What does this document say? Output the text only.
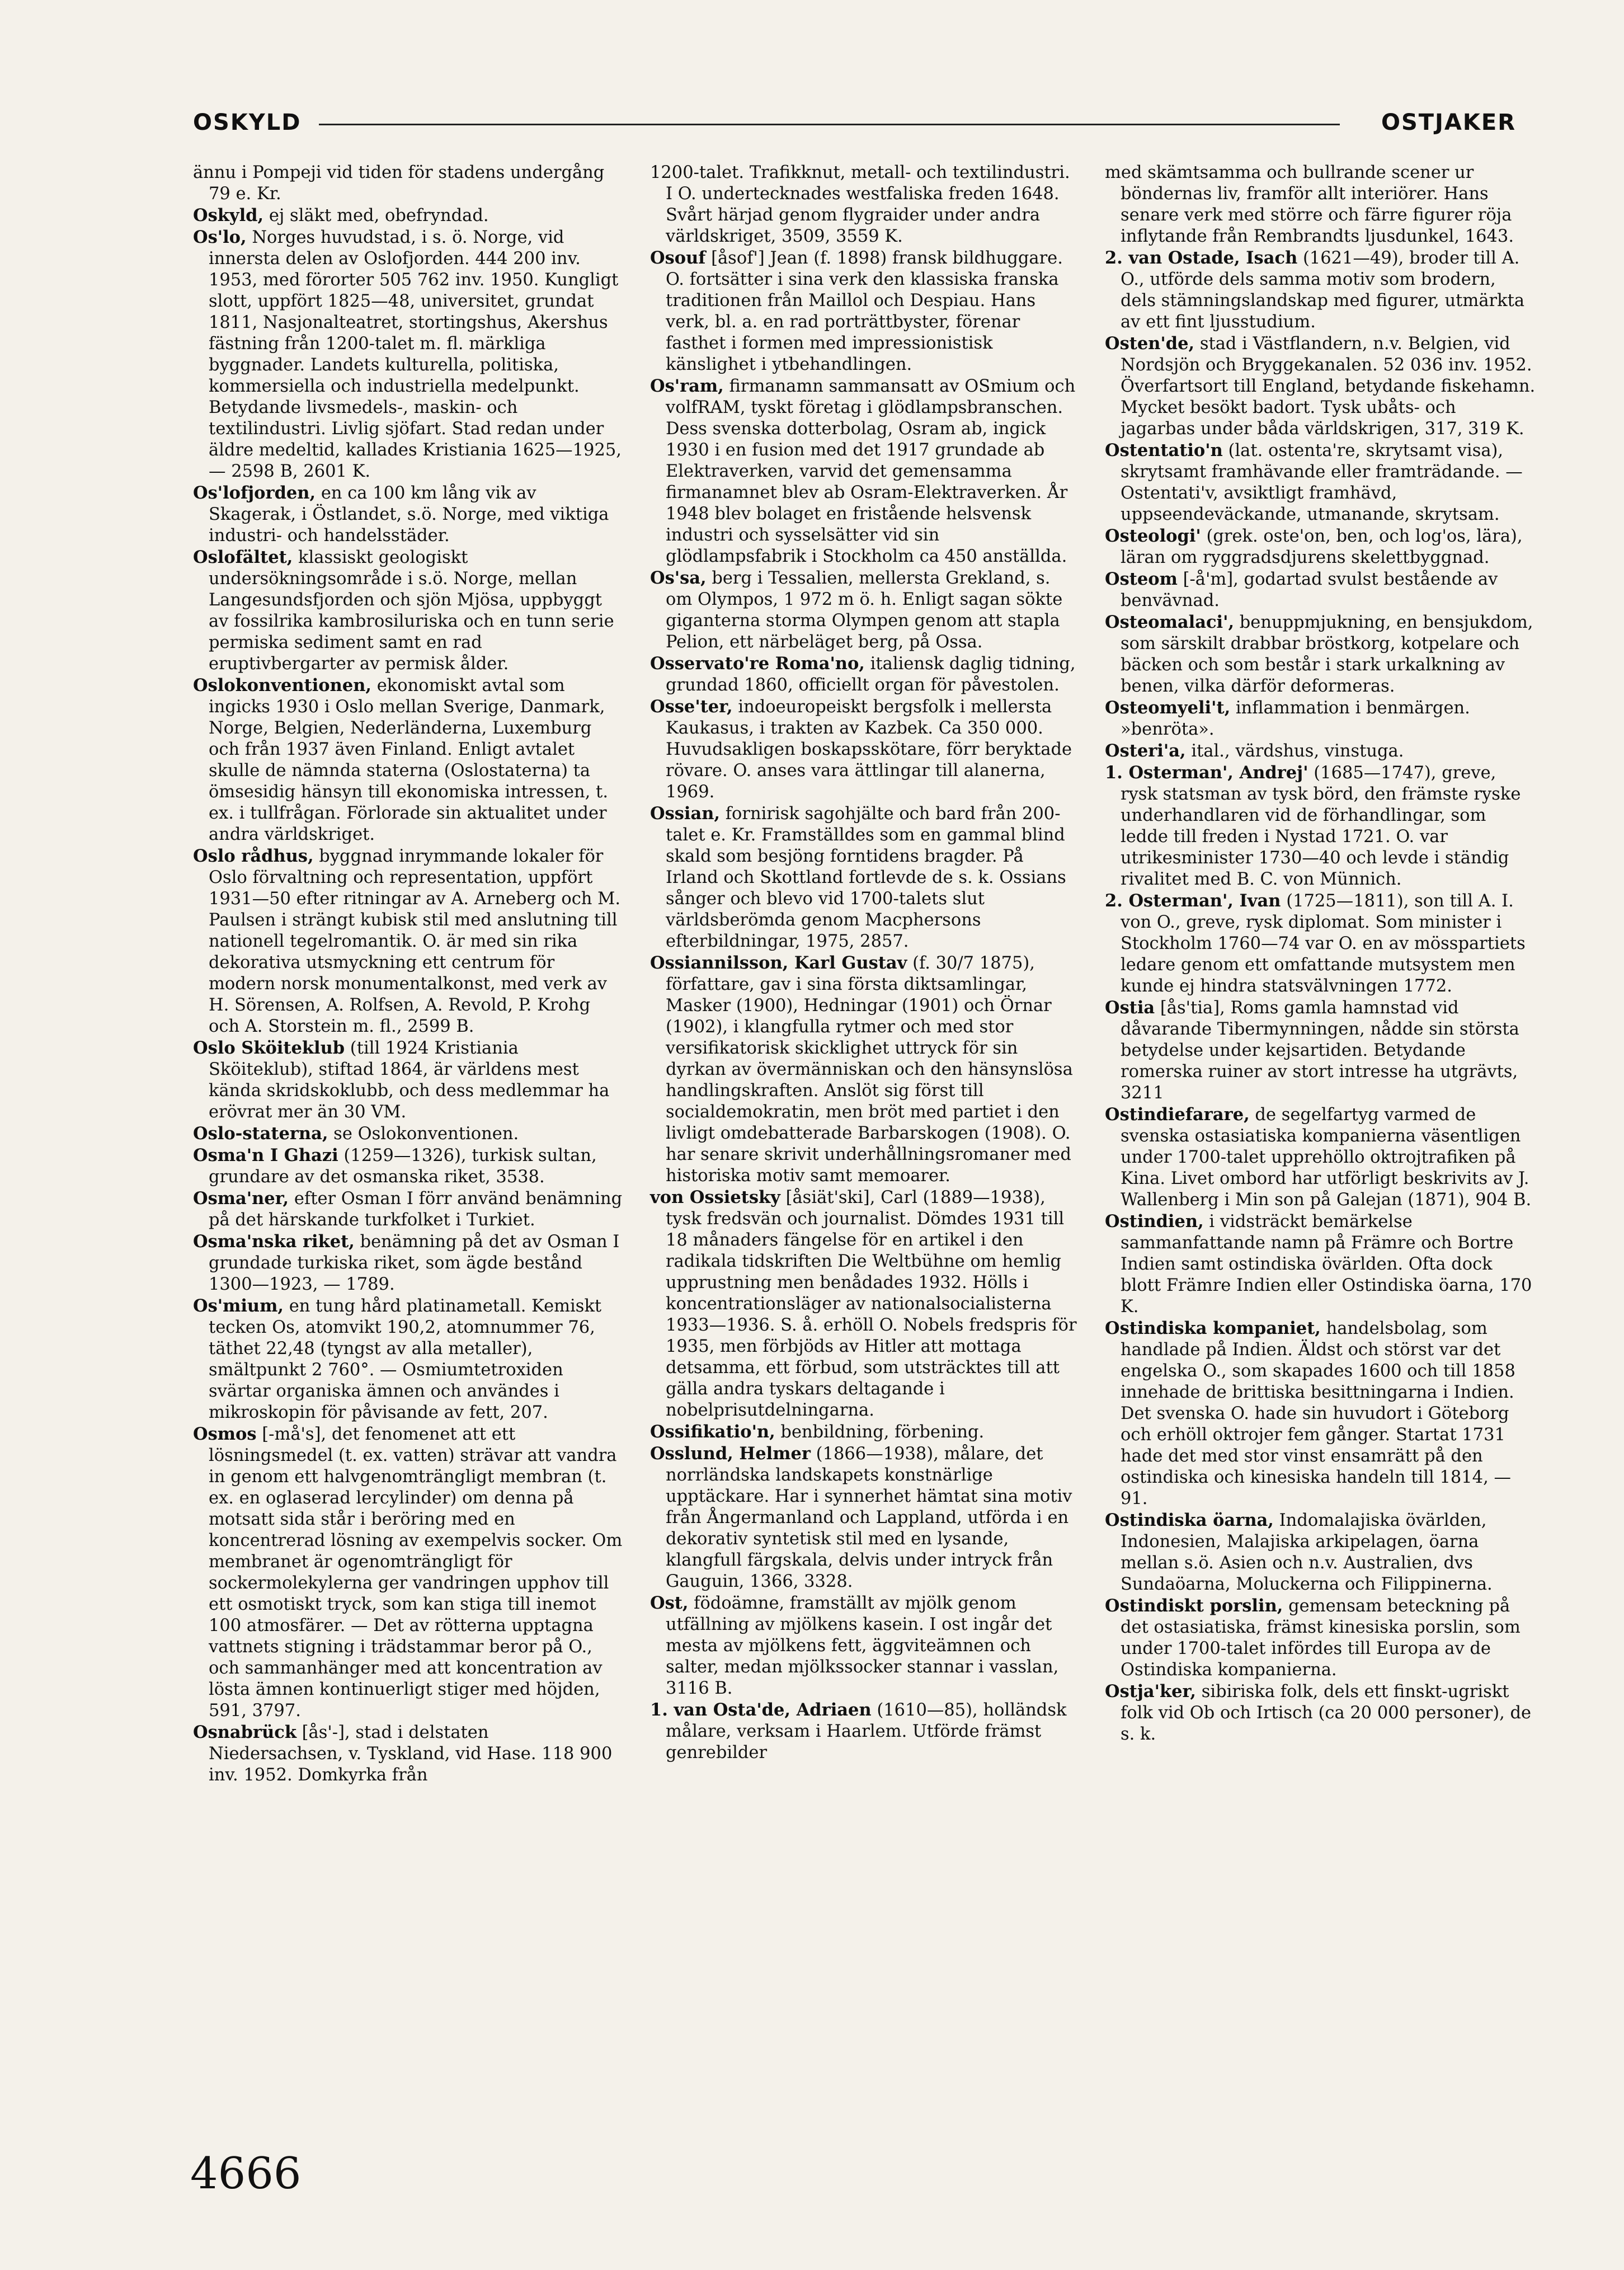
OSKYLD	OSTJAKER

ännu i Pompeji vid tiden för stadens undergång 79 e. Kr.

Oskyld, ej släkt med, obefryndad.

Os'lo, Norges huvudstad, i s. ö. Norge, vid innersta delen av Oslofjorden. 444 200 inv. 1953, med förorter 505 762 inv. 1950. Kungligt slott, uppfört 1825—48, universitet, grundat 1811, Nasjonalteatret, stortingshus, Akershus fästning från 1200-talet m. fl. märkliga byggnader. Landets kulturella, politiska, kommersiella och industriella medelpunkt. Betydande livsmedels-, maskin- och textilindustri. Livlig sjöfart. Stad redan under äldre medeltid, kallades Kristiania 1625—1925, — 2598 B, 2601 K.

Os'lofjorden, en ca 100 km lång vik av Skagerak, i Östlandet, s.ö. Norge, med viktiga industri- och handelsstäder.

Oslofältet, klassiskt geologiskt undersökningsområde i s.ö. Norge, mellan Langesundsfjorden och sjön Mjösa, uppbyggt av fossilrika kambrosiluriska och en tunn serie permiska sediment samt en rad eruptivbergarter av permisk ålder.

Oslokonventionen, ekonomiskt avtal som ingicks 1930 i Oslo mellan Sverige, Danmark, Norge, Belgien, Nederländerna, Luxemburg och från 1937 även Finland. Enligt avtalet skulle de nämnda staterna (Oslostaterna) ta ömsesidig hänsyn till ekonomiska intressen, t. ex. i tullfrågan. Förlorade sin aktualitet under andra världskriget.

Oslo rådhus, byggnad inrymmande lokaler för Oslo förvaltning och representation, uppfört 1931—50 efter ritningar av A. Arneberg och M. Paulsen i strängt kubisk stil med anslutning till nationell tegelromantik. O. är med sin rika dekorativa utsmyckning ett centrum för modern norsk monumentalkonst, med verk av H. Sörensen, A. Rolfsen, A. Revold, P. Krohg och A. Storstein m. fl., 2599 B.

Oslo Sköiteklub (till 1924 Kristiania Sköiteklub), stiftad 1864, är världens mest kända skridskoklubb, och dess medlemmar ha erövrat mer än 30 VM.

Oslo-staterna, se Oslokonventionen.

Osma'n I Ghazi (1259—1326), turkisk sultan, grundare av det osmanska riket, 3538.

Osma'ner, efter Osman I förr använd benämning på det härskande turkfolket i Turkiet.

Osma'nska riket, benämning på det av Osman I grundade turkiska riket, som ägde bestånd 1300—1923, — 1789.

Os'mium, en tung hård platinametall. Kemiskt tecken Os, atomvikt 190,2, atomnummer 76, täthet 22,48 (tyngst av alla metaller), smältpunkt 2 760°. — Osmiumtetroxiden svärtar organiska ämnen och användes i mikroskopin för påvisande av fett, 207.

Osmos [-må's], det fenomenet att ett lösningsmedel (t. ex. vatten) strävar att vandra in genom ett halvgenomträngligt membran (t. ex. en oglaserad lercylinder) om denna på motsatt sida står i beröring med en koncentrerad lösning av exempelvis socker. Om membranet är ogenomträngligt för sockermolekylerna ger vandringen upphov till ett osmotiskt tryck, som kan stiga till inemot 100 atmosfärer. — Det av rötterna upptagna vattnets stigning i trädstammar beror på O., och sammanhänger med att koncentration av lösta ämnen kontinuerligt stiger med höjden, 591, 3797.

Osnabrück [ås'-], stad i delstaten Niedersachsen, v. Tyskland, vid Hase. 118 900 inv. 1952. Domkyrka från

1200-talet. Trafikknut, metall- och textilindustri. I O. undertecknades westfaliska freden 1648. Svårt härjad genom flygraider under andra världskriget, 3509, 3559 K.

Osouf [åsof'] Jean (f. 1898) fransk bildhuggare. O. fortsätter i sina verk den klassiska franska traditionen från Maillol och Despiau. Hans verk, bl. a. en rad porträttbyster, förenar fasthet i formen med impressionistisk känslighet i ytbehandlingen.

Os'ram, firmanamn sammansatt av OSmium och volfRAM, tyskt företag i glödlampsbranschen. Dess svenska dotterbolag, Osram ab, ingick 1930 i en fusion med det 1917 grundade ab Elektraverken, varvid det gemensamma firmanamnet blev ab Osram-Elektraverken. År 1948 blev bolaget en fristående helsvensk industri och sysselsätter vid sin glödlampsfabrik i Stockholm ca 450 anställda.

Os'sa, berg i Tessalien, mellersta Grekland, s. om Olympos, 1 972 m ö. h. Enligt sagan sökte giganterna storma Olympen genom att stapla Pelion, ett närbeläget berg, på Ossa.

Osservato're Roma'no, italiensk daglig tidning, grundad 1860, officiellt organ för påvestolen.

Osse'ter, indoeuropeiskt bergsfolk i mellersta Kaukasus, i trakten av Kazbek. Ca 350 000. Huvudsakligen boskapsskötare, förr beryktade rövare. O. anses vara ättlingar till alanerna, 1969.

Ossian, fornirisk sagohjälte och bard från 200-talet e. Kr. Framställdes som en gammal blind skald som besjöng forntidens bragder. På Irland och Skottland fortlevde de s. k. Ossians sånger och blevo vid 1700-talets slut världsberömda genom Macphersons efterbildningar, 1975, 2857.

Ossiannilsson, Karl Gustav (f. 30/7 1875), författare, gav i sina första diktsamlingar, Masker (1900), Hedningar (1901) och Örnar (1902), i klangfulla rytmer och med stor versifikatorisk skicklighet uttryck för sin dyrkan av övermänniskan och den hänsynslösa handlingskraften. Anslöt sig först till socialdemokratin, men bröt med partiet i den livligt omdebatterade Barbarskogen (1908). O. har senare skrivit underhållningsromaner med historiska motiv samt memoarer.

von Ossietsky [åsiät'ski], Carl (1889—1938), tysk fredsvän och journalist. Dömdes 1931 till 18 månaders fängelse för en artikel i den radikala tidskriften Die Weltbühne om hemlig upprustning men benådades 1932. Hölls i koncentrationsläger av nationalsocialisterna 1933—1936. S. å. erhöll O. Nobels fredspris för 1935, men förbjöds av Hitler att mottaga detsamma, ett förbud, som utsträcktes till att gälla andra tyskars deltagande i nobelprisutdelningarna.

Ossifikatio'n, benbildning, förbening.

Osslund, Helmer (1866—1938), målare, det norrländska landskapets konstnärlige upptäckare. Har i synnerhet hämtat sina motiv från Ångermanland och Lappland, utförda i en dekorativ syntetisk stil med en lysande, klangfull färgskala, delvis under intryck från Gauguin, 1366, 3328.

Ost, födoämne, framställt av mjölk genom utfällning av mjölkens kasein. I ost ingår det mesta av mjölkens fett, äggviteämnen och salter, medan mjölkssocker stannar i vasslan, 3116 B.

1. van Osta'de, Adriaen (1610—85), holländsk målare, verksam i Haarlem. Utförde främst genrebilder

med skämtsamma och bullrande scener ur böndernas liv, framför allt interiörer. Hans senare verk med större och färre figurer röja inflytande från Rembrandts ljusdunkel, 1643.

2. van Ostade, Isach (1621—49), broder till A. O., utförde dels samma motiv som brodern, dels stämningslandskap med figurer, utmärkta av ett fint ljusstudium.

Osten'de, stad i Västflandern, n.v. Belgien, vid Nordsjön och Bryggekanalen. 52 036 inv. 1952. Överfartsort till England, betydande fiskehamn. Mycket besökt badort. Tysk ubåts- och jagarbas under båda världskrigen, 317, 319 K.

Ostentatio'n (lat. ostenta're, skrytsamt visa), skrytsamt framhävande eller framträdande. — Ostentati'v, avsiktligt framhävd, uppseendeväckande, utmanande, skrytsam.

Osteologi' (grek. oste'on, ben, och log'os, lära), läran om ryggradsdjurens skelettbyggnad.

Osteom [-å'm], godartad svulst bestående av benvävnad.

Osteomalaci', benuppmjukning, en bensjukdom, som särskilt drabbar bröstkorg, kotpelare och bäcken och som består i stark urkalkning av benen, vilka därför deformeras.

Osteomyeli't, inflammation i benmärgen. »benröta».

Osteri'a, ital., värdshus, vinstuga.

1. Osterman', Andrej' (1685—1747), greve, rysk statsman av tysk börd, den främste ryske underhandlaren vid de förhandlingar, som ledde till freden i Nystad 1721. O. var utrikesminister 1730—40 och levde i ständig rivalitet med B. C. von Münnich.

2. Osterman', Ivan (1725—1811), son till A. I. von O., greve, rysk diplomat. Som minister i Stockholm 1760—74 var O. en av mösspartiets ledare genom ett omfattande mutsystem men kunde ej hindra statsvälvningen 1772.

Ostia [ås'tia], Roms gamla hamnstad vid dåvarande Tibermynningen, nådde sin största betydelse under kejsartiden. Betydande romerska ruiner av stort intresse ha utgrävts, 3211

Ostindiefarare, de segelfartyg varmed de svenska ostasiatiska kompanierna väsentligen under 1700-talet upprehöllo oktrojtrafiken på Kina. Livet ombord har utförligt beskrivits av J. Wallenberg i Min son på Galejan (1871), 904 B.

Ostindien, i vidsträckt bemärkelse sammanfattande namn på Främre och Bortre Indien samt ostindiska övärlden. Ofta dock blott Främre Indien eller Ostindiska öarna, 170 K.

Ostindiska kompaniet, handelsbolag, som handlade på Indien. Äldst och störst var det engelska O., som skapades 1600 och till 1858 innehade de brittiska besittningarna i Indien. Det svenska O. hade sin huvudort i Göteborg och erhöll oktrojer fem gånger. Startat 1731 hade det med stor vinst ensamrätt på den ostindiska och kinesiska handeln till 1814, — 91.

Ostindiska öarna, Indomalajiska övärlden, Indonesien, Malajiska arkipelagen, öarna mellan s.ö. Asien och n.v. Australien, dvs Sundaöarna, Moluckerna och Filippinerna.

Ostindiskt porslin, gemensam beteckning på det ostasiatiska, främst kinesiska porslin, som under 1700-talet infördes till Europa av de Ostindiska kompanierna.

Ostja'ker, sibiriska folk, dels ett finskt-ugriskt folk vid Ob och Irtisch (ca 20 000 personer), de s. k.

4666
